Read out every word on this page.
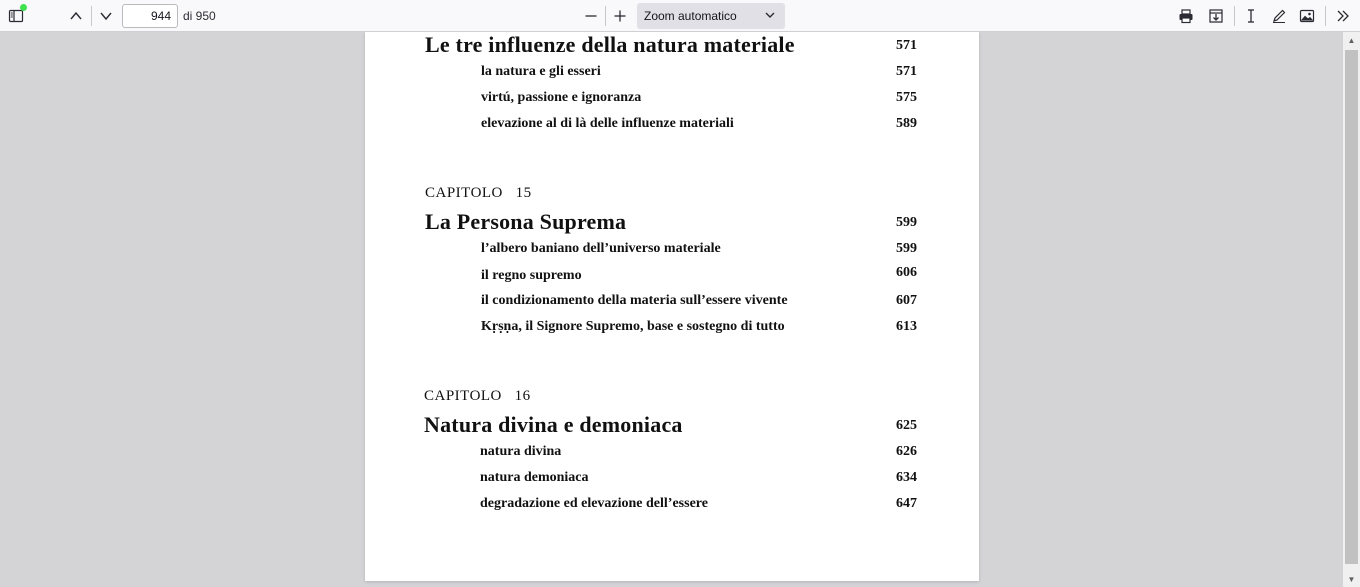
944
di 950	Zoom automatico
Le tre influenze della natura materiale	571
la natura e gli esseri	571
virtú, passione e ignoranza	575
elevazione al di là delle influenze materiali	589
CAPITOLO   15
La Persona Suprema	599
l’albero baniano dell’universo materiale	599
il regno supremo	606
il condizionamento della materia sull’essere vivente	607
Kṛṣṇa, il Signore Supremo, base e sostegno di tutto	613
CAPITOLO   16
Natura divina e demoniaca	625
natura divina	626
natura demoniaca	634
degradazione ed elevazione dell’essere	647
▲
▼
